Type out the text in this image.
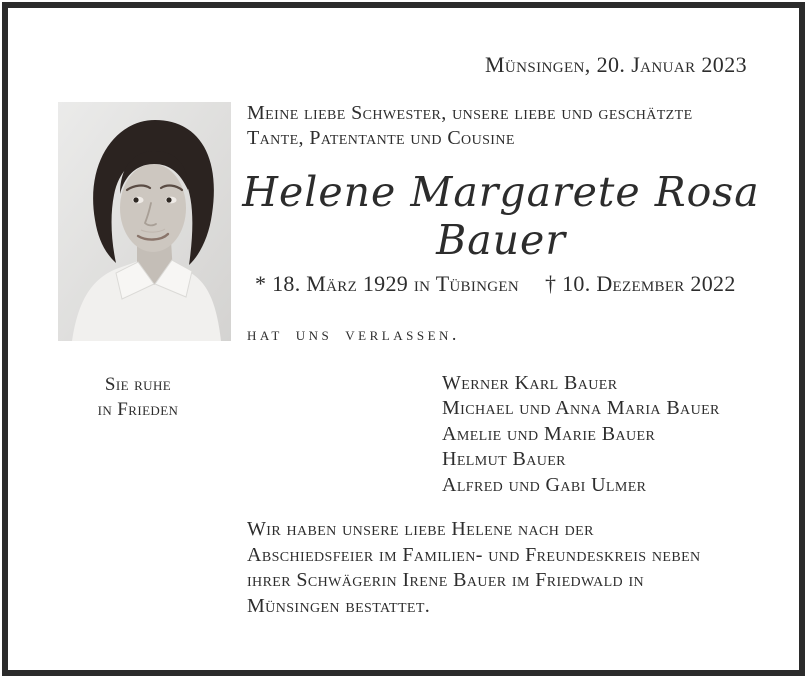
Münsingen, 20. Januar 2023
Meine liebe Schwester, unsere liebe und geschätzte
Tante, Patentante und Cousine
Helene Margarete Rosa
Bauer
* 18. März 1929 in Tübingen † 10. Dezember 2022
hat uns verlassen.
Sie ruhe
in Frieden
Werner Karl Bauer
Michael und Anna Maria Bauer
Amelie und Marie Bauer
Helmut Bauer
Alfred und Gabi Ulmer
Wir haben unsere liebe Helene nach der
Abschiedsfeier im Familien- und Freundeskreis neben
ihrer Schwägerin Irene Bauer im Friedwald in
Münsingen bestattet.
